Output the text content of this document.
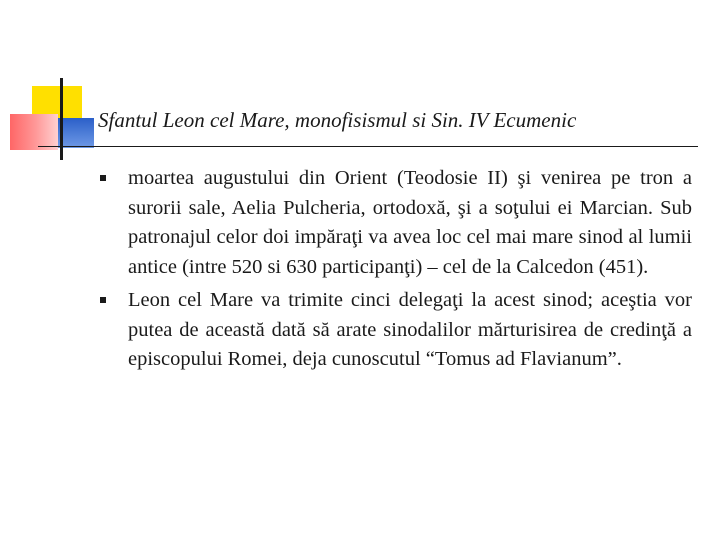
Sfantul Leon cel Mare, monofisismul si Sin. IV Ecumenic
moartea augustului din Orient (Teodosie II) şi venirea pe tron a surorii sale, Aelia Pulcheria, ortodoxă, şi a soţului ei Marcian. Sub patronajul celor doi impăraţi va avea loc cel mai mare sinod al lumii antice (intre 520 si 630 participanţi) – cel de la Calcedon (451).
Leon cel Mare va trimite cinci delegaţi la acest sinod; aceştia vor putea de această dată să arate sinodalilor mărturisirea de credinţă a episcopului Romei, deja cunoscutul “Tomus ad Flavianum”.
